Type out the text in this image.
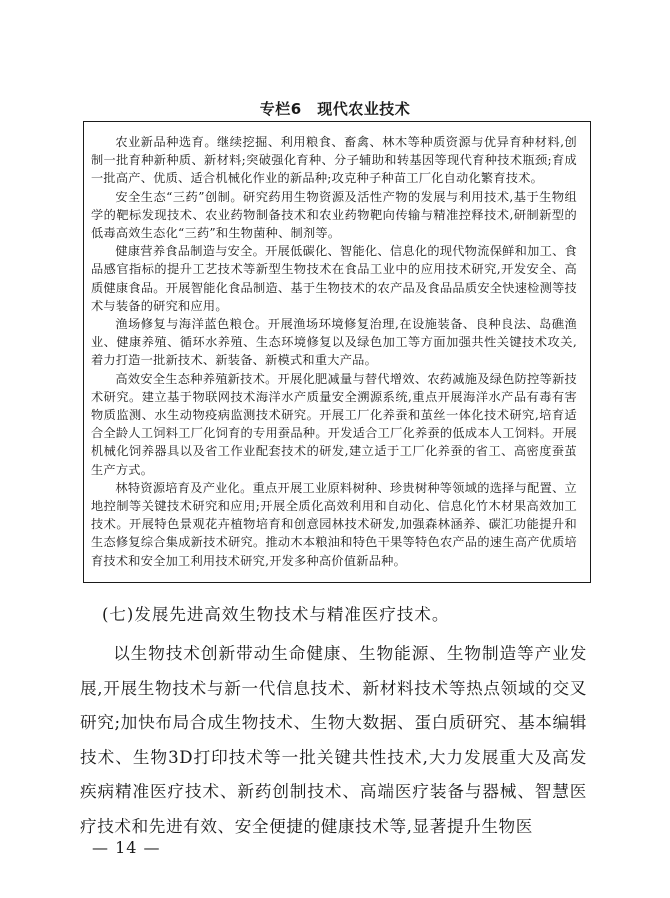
专栏6　现代农业技术

农业新品种选育。继续挖掘、利用粮食、畜禽、林木等种质资源与优异育种材料,创制一批育种新种质、新材料;突破强化育种、分子辅助和转基因等现代育种技术瓶颈;育成一批高产、优质、适合机械化作业的新品种;攻克种子种苗工厂化自动化繁育技术。

安全生态“三药”创制。研究药用生物资源及活性产物的发展与利用技术,基于生物组学的靶标发现技术、农业药物制备技术和农业药物靶向传输与精准控释技术,研制新型的低毒高效生态化“三药”和生物菌种、制剂等。

健康营养食品制造与安全。开展低碳化、智能化、信息化的现代物流保鲜和加工、食品感官指标的提升工艺技术等新型生物技术在食品工业中的应用技术研究,开发安全、高质健康食品。开展智能化食品制造、基于生物技术的农产品及食品品质安全快速检测等技术与装备的研究和应用。

渔场修复与海洋蓝色粮仓。开展渔场环境修复治理,在设施装备、良种良法、岛礁渔业、健康养殖、循环水养殖、生态环境修复以及绿色加工等方面加强共性关键技术攻关,着力打造一批新技术、新装备、新模式和重大产品。

高效安全生态种养殖新技术。开展化肥减量与替代增效、农药减施及绿色防控等新技术研究。建立基于物联网技术海洋水产质量安全溯源系统,重点开展海洋水产品有毒有害物质监测、水生动物疫病监测技术研究。开展工厂化养蚕和茧丝一体化技术研究,培育适合全龄人工饲料工厂化饲育的专用蚕品种。开发适合工厂化养蚕的低成本人工饲料。开展机械化饲养器具以及省工作业配套技术的研发,建立适于工厂化养蚕的省工、高密度蚕茧生产方式。

林特资源培育及产业化。重点开展工业原料树种、珍贵树种等领域的选择与配置、立地控制等关键技术研究和应用;开展全质化高效利用和自动化、信息化竹木材果高效加工技术。开展特色景观花卉植物培育和创意园林技术研发,加强森林涵养、碳汇功能提升和生态修复综合集成新技术研究。推动木本粮油和特色干果等特色农产品的速生高产优质培育技术和安全加工利用技术研究,开发多种高价值新品种。

(七)发展先进高效生物技术与精准医疗技术。

以生物技术创新带动生命健康、生物能源、生物制造等产业发展,开展生物技术与新一代信息技术、新材料技术等热点领域的交叉研究;加快布局合成生物技术、生物大数据、蛋白质研究、基本编辑技术、生物3D打印技术等一批关键共性技术,大力发展重大及高发疾病精准医疗技术、新药创制技术、高端医疗装备与器械、智慧医疗技术和先进有效、安全便捷的健康技术等,显著提升生物医

— 14 —
